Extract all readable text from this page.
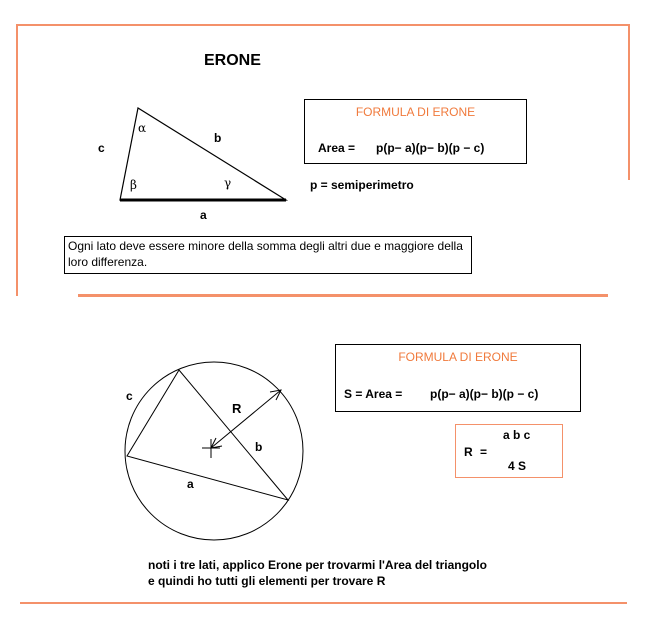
ERONE
c
b
a
α
β	γ
FORMULA DI ERONE
Area = p(p− a)(p− b)(p − c)
p = semiperimetro
Ogni lato deve essere minore della somma degli altri due e maggiore della loro differenza.
c
R
b
a
FORMULA DI ERONE
S = Area = p(p− a)(p− b)(p − c)
R =
a b c
4 S
noti i tre lati, applico Erone per trovarmi l'Area del triangolo
e quindi ho tutti gli elementi per trovare R
